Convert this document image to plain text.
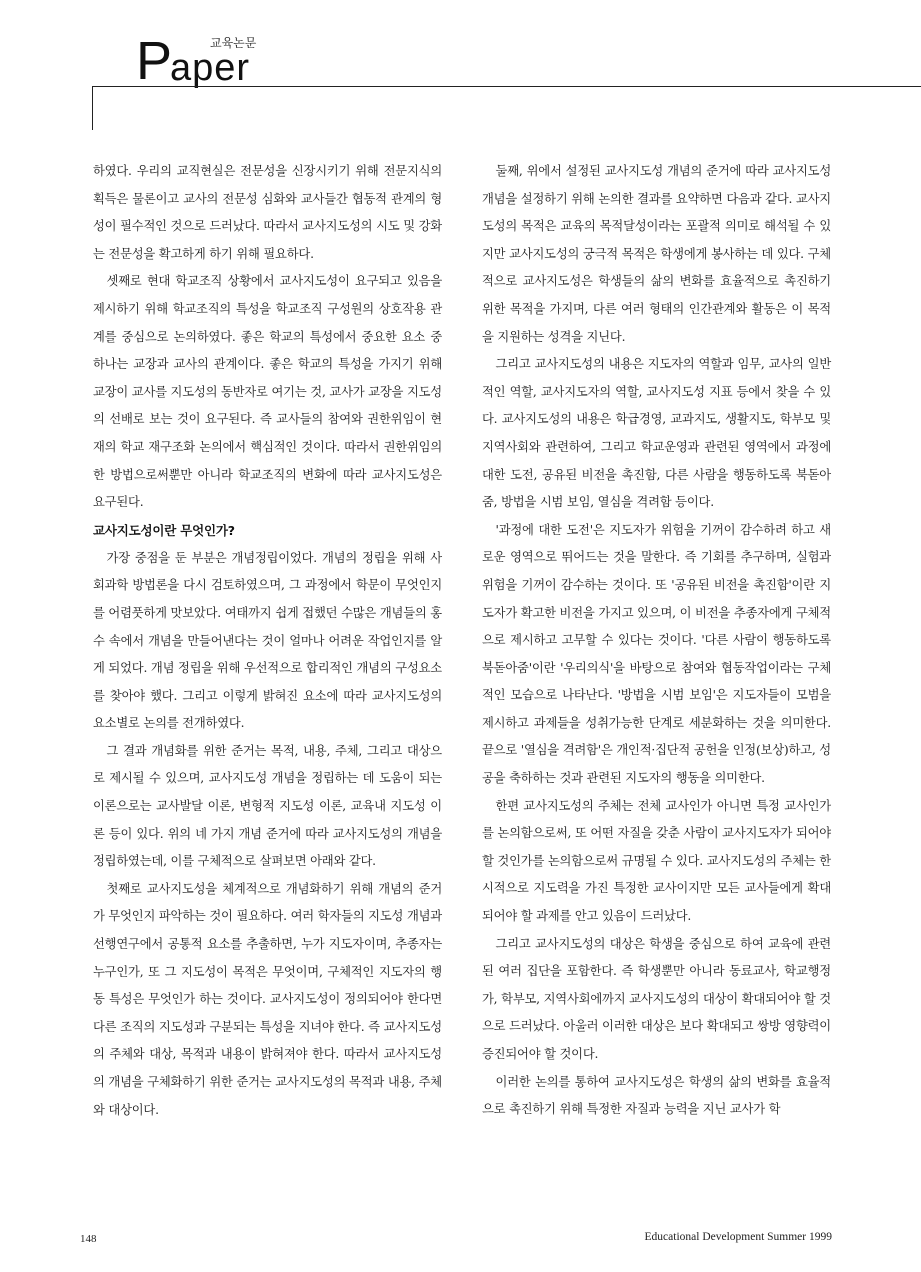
P
aper
교육논문

하였다. 우리의 교직현실은 전문성을 신장시키기 위해 전문지식의 획득은 물론이고 교사의 전문성 심화와 교사들간 협동적 관계의 형성이 필수적인 것으로 드러났다. 따라서 교사지도성의 시도 및 강화는 전문성을 확고하게 하기 위해 필요하다.

셋째로 현대 학교조직 상황에서 교사지도성이 요구되고 있음을 제시하기 위해 학교조직의 특성을 학교조직 구성원의 상호작용 관계를 중심으로 논의하였다. 좋은 학교의 특성에서 중요한 요소 중 하나는 교장과 교사의 관계이다. 좋은 학교의 특성을 가지기 위해 교장이 교사를 지도성의 동반자로 여기는 것, 교사가 교장을 지도성의 선배로 보는 것이 요구된다. 즉 교사들의 참여와 권한위임이 현재의 학교 재구조화 논의에서 핵심적인 것이다. 따라서 권한위임의 한 방법으로써뿐만 아니라 학교조직의 변화에 따라 교사지도성은 요구된다.

교사지도성이란 무엇인가?

가장 중점을 둔 부분은 개념정립이었다. 개념의 정립을 위해 사회과학 방법론을 다시 검토하였으며, 그 과정에서 학문이 무엇인지를 어렴풋하게 맛보았다. 여태까지 쉽게 접했던 수많은 개념들의 홍수 속에서 개념을 만들어낸다는 것이 얼마나 어려운 작업인지를 알게 되었다. 개념 정립을 위해 우선적으로 합리적인 개념의 구성요소를 찾아야 했다. 그리고 이렇게 밝혀진 요소에 따라 교사지도성의 요소별로 논의를 전개하였다.

그 결과 개념화를 위한 준거는 목적, 내용, 주체, 그리고 대상으로 제시될 수 있으며, 교사지도성 개념을 정립하는 데 도움이 되는 이론으로는 교사발달 이론, 변형적 지도성 이론, 교육내 지도성 이론 등이 있다. 위의 네 가지 개념 준거에 따라 교사지도성의 개념을 정립하였는데, 이를 구체적으로 살펴보면 아래와 같다.

첫째로 교사지도성을 체계적으로 개념화하기 위해 개념의 준거가 무엇인지 파악하는 것이 필요하다. 여러 학자들의 지도성 개념과 선행연구에서 공통적 요소를 추출하면, 누가 지도자이며, 추종자는 누구인가, 또 그 지도성이 목적은 무엇이며, 구체적인 지도자의 행동 특성은 무엇인가 하는 것이다. 교사지도성이 정의되어야 한다면 다른 조직의 지도성과 구분되는 특성을 지녀야 한다. 즉 교사지도성의 주체와 대상, 목적과 내용이 밝혀져야 한다. 따라서 교사지도성의 개념을 구체화하기 위한 준거는 교사지도성의 목적과 내용, 주체와 대상이다.

둘째, 위에서 설정된 교사지도성 개념의 준거에 따라 교사지도성 개념을 설정하기 위해 논의한 결과를 요약하면 다음과 같다. 교사지도성의 목적은 교육의 목적달성이라는 포괄적 의미로 해석될 수 있지만 교사지도성의 궁극적 목적은 학생에게 봉사하는 데 있다. 구체적으로 교사지도성은 학생들의 삶의 변화를 효율적으로 촉진하기 위한 목적을 가지며, 다른 여러 형태의 인간관계와 활동은 이 목적을 지원하는 성격을 지닌다.

그리고 교사지도성의 내용은 지도자의 역할과 임무, 교사의 일반적인 역할, 교사지도자의 역할, 교사지도성 지표 등에서 찾을 수 있다. 교사지도성의 내용은 학급경영, 교과지도, 생활지도, 학부모 및 지역사회와 관련하여, 그리고 학교운영과 관련된 영역에서 과정에 대한 도전, 공유된 비전을 촉진함, 다른 사람을 행동하도록 북돋아 줌, 방법을 시범 보임, 열심을 격려함 등이다.

'과정에 대한 도전'은 지도자가 위험을 기꺼이 감수하려 하고 새로운 영역으로 뛰어드는 것을 말한다. 즉 기회를 추구하며, 실험과 위험을 기꺼이 감수하는 것이다. 또 '공유된 비전을 촉진함'이란 지도자가 확고한 비전을 가지고 있으며, 이 비전을 추종자에게 구체적으로 제시하고 고무할 수 있다는 것이다. '다른 사람이 행동하도록 북돋아줌'이란 '우리의식'을 바탕으로 참여와 협동작업이라는 구체적인 모습으로 나타난다. '방법을 시범 보임'은 지도자들이 모범을 제시하고 과제들을 성취가능한 단계로 세분화하는 것을 의미한다. 끝으로 '열심을 격려함'은 개인적·집단적 공헌을 인정(보상)하고, 성공을 축하하는 것과 관련된 지도자의 행동을 의미한다.

한편 교사지도성의 주체는 전체 교사인가 아니면 특정 교사인가를 논의함으로써, 또 어떤 자질을 갖춘 사람이 교사지도자가 되어야 할 것인가를 논의함으로써 규명될 수 있다. 교사지도성의 주체는 한시적으로 지도력을 가진 특정한 교사이지만 모든 교사들에게 확대되어야 할 과제를 안고 있음이 드러났다.

그리고 교사지도성의 대상은 학생을 중심으로 하여 교육에 관련된 여러 집단을 포함한다. 즉 학생뿐만 아니라 동료교사, 학교행정가, 학부모, 지역사회에까지 교사지도성의 대상이 확대되어야 할 것으로 드러났다. 아울러 이러한 대상은 보다 확대되고 쌍방 영향력이 증진되어야 할 것이다.

이러한 논의를 통하여 교사지도성은 학생의 삶의 변화를 효율적으로 촉진하기 위해 특정한 자질과 능력을 지닌 교사가 학

148	Educational Development Summer 1999
